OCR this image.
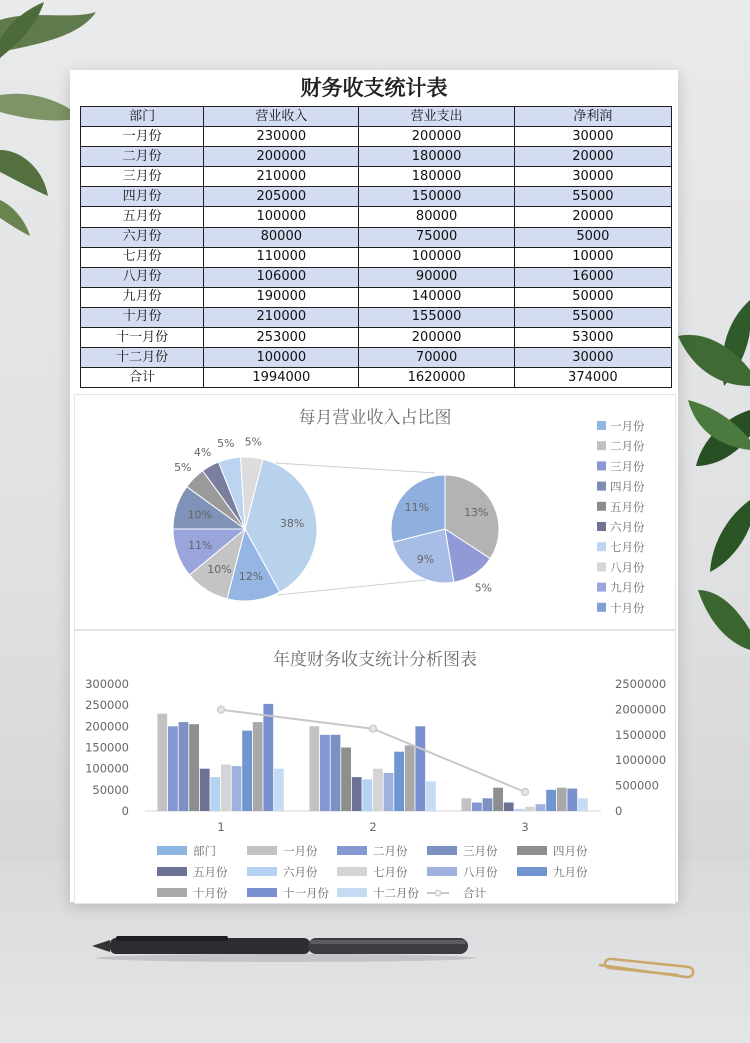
财务收支统计表
部门	营业收入	营业支出	净利润
一月份	230000	200000	30000
二月份	200000	180000	20000
三月份	210000	180000	30000
四月份	205000	150000	55000
五月份	100000	80000	20000
六月份	80000	75000	5000
七月份	110000	100000	10000
八月份	106000	90000	16000
九月份	190000	140000	50000
十月份	210000	155000	55000
十一月份	253000	200000	53000
十二月份	100000	70000	30000
合计	1994000	1620000	374000
每月营业收入占比图
38%
12%
10%
11%
10%
5%
4%
5% 5%
13%
5%
9%
11%
一月份
二月份
三月份
四月份
五月份
六月份
七月份
八月份
九月份
十月份
年度财务收支统计分析图表
300000
250000
200000
150000
100000
50000
0
2500000
2000000
1500000
1000000
500000
0
1	2	3
部门	一月份	二月份	三月份	四月份
五月份	六月份	七月份	八月份	九月份
十月份	十一月份	十二月份	合计
